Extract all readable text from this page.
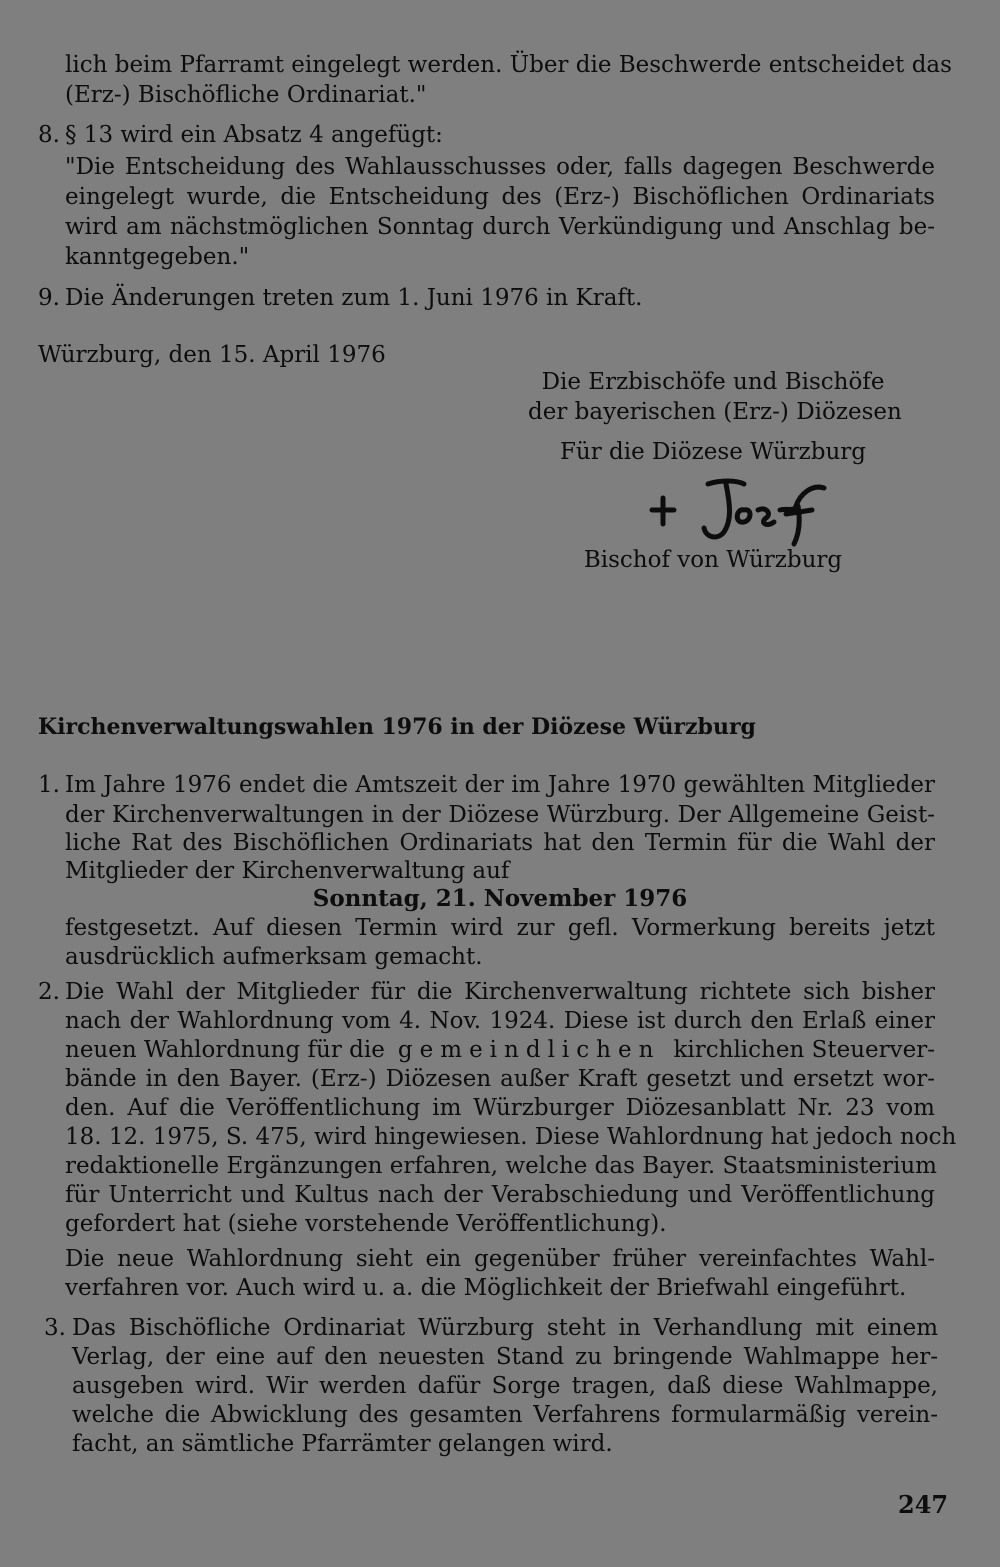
lich beim Pfarramt eingelegt werden. Über die Beschwerde entscheidet das
(Erz-) Bischöfliche Ordinariat."
8. § 13 wird ein Absatz 4 angefügt:
"Die Entscheidung des Wahlausschusses oder, falls dagegen Beschwerde
eingelegt wurde, die Entscheidung des (Erz-) Bischöflichen Ordinariats
wird am nächstmöglichen Sonntag durch Verkündigung und Anschlag be-
kanntgegeben."
9. Die Änderungen treten zum 1. Juni 1976 in Kraft.
Würzburg, den 15. April 1976
Die Erzbischöfe und Bischöfe
der bayerischen (Erz-) Diözesen
Für die Diözese Würzburg
Bischof von Würzburg
Kirchenverwaltungswahlen 1976 in der Diözese Würzburg
1. Im Jahre 1976 endet die Amtszeit der im Jahre 1970 gewählten Mitglieder
der Kirchenverwaltungen in der Diözese Würzburg. Der Allgemeine Geist-
liche Rat des Bischöflichen Ordinariats hat den Termin für die Wahl der
Mitglieder der Kirchenverwaltung auf
Sonntag, 21. November 1976
festgesetzt. Auf diesen Termin wird zur gefl. Vormerkung bereits jetzt
ausdrücklich aufmerksam gemacht.
2. Die Wahl der Mitglieder für die Kirchenverwaltung richtete sich bisher
nach der Wahlordnung vom 4. Nov. 1924. Diese ist durch den Erlaß einer
neuen Wahlordnung für die gemeindlichen kirchlichen Steuerver-
bände in den Bayer. (Erz-) Diözesen außer Kraft gesetzt und ersetzt wor-
den. Auf die Veröffentlichung im Würzburger Diözesanblatt Nr. 23 vom
18. 12. 1975, S. 475, wird hingewiesen. Diese Wahlordnung hat jedoch noch
redaktionelle Ergänzungen erfahren, welche das Bayer. Staatsministerium
für Unterricht und Kultus nach der Verabschiedung und Veröffentlichung
gefordert hat (siehe vorstehende Veröffentlichung).
Die neue Wahlordnung sieht ein gegenüber früher vereinfachtes Wahl-
verfahren vor. Auch wird u. a. die Möglichkeit der Briefwahl eingeführt.
3. Das Bischöfliche Ordinariat Würzburg steht in Verhandlung mit einem
Verlag, der eine auf den neuesten Stand zu bringende Wahlmappe her-
ausgeben wird. Wir werden dafür Sorge tragen, daß diese Wahlmappe,
welche die Abwicklung des gesamten Verfahrens formularmäßig verein-
facht, an sämtliche Pfarrämter gelangen wird.
247
